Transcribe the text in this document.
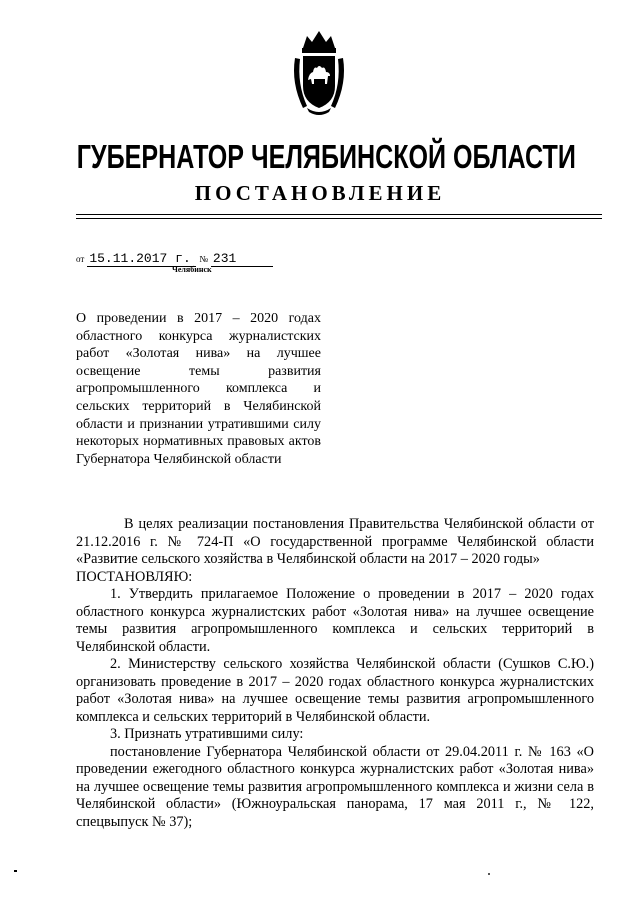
ГУБЕРНАТОР ЧЕЛЯБИНСКОЙ ОБЛАСТИ
ПОСТАНОВЛЕНИЕ
от 15.11.2017 г. № 231
Челябинск
О проведении в 2017 – 2020 годах областного конкурса журналистских работ «Золотая нива» на лучшее освещение темы развития агропромышленного комплекса и сельских территорий в Челябинской области и признании утратившими силу некоторых нормативных правовых актов Губернатора Челябинской области

В целях реализации постановления Правительства Челябинской области от 21.12.2016 г. № 724-П «О государственной программе Челябинской области «Развитие сельского хозяйства в Челябинской области на 2017 – 2020 годы»

ПОСТАНОВЛЯЮ:

1. Утвердить прилагаемое Положение о проведении в 2017 – 2020 годах областного конкурса журналистских работ «Золотая нива» на лучшее освещение темы развития агропромышленного комплекса и сельских территорий в Челябинской области.

2. Министерству сельского хозяйства Челябинской области (Сушков С.Ю.) организовать проведение в 2017 – 2020 годах областного конкурса журналистских работ «Золотая нива» на лучшее освещение темы развития агропромышленного комплекса и сельских территорий в Челябинской области.

3. Признать утратившими силу:

постановление Губернатора Челябинской области от 29.04.2011 г. № 163 «О проведении ежегодного областного конкурса журналистских работ «Золотая нива» на лучшее освещение темы развития агропромышленного комплекса и жизни села в Челябинской области» (Южноуральская панорама, 17 мая 2011 г., № 122, спецвыпуск № 37);
